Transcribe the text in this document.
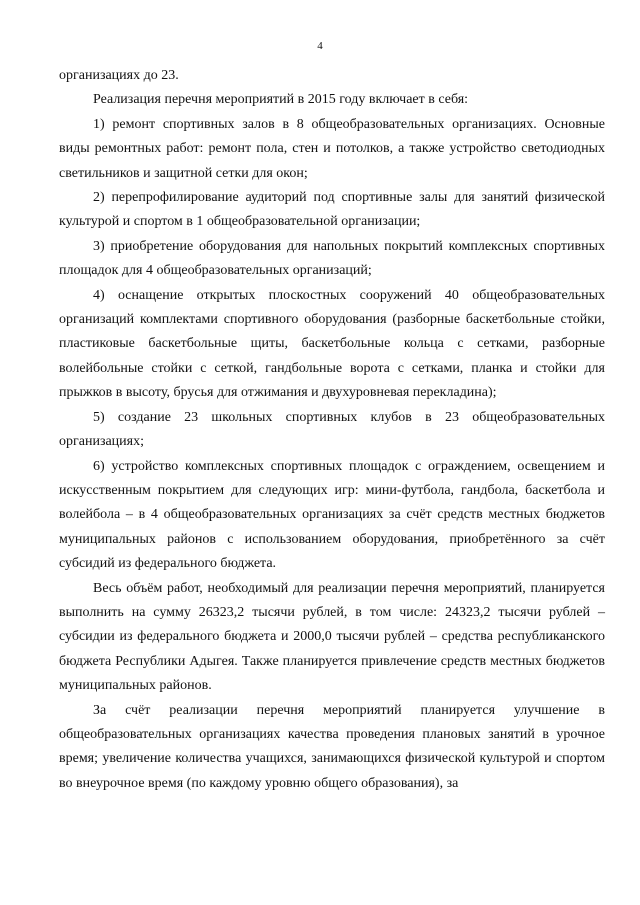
4

организациях до 23.

Реализация перечня мероприятий в 2015 году включает в себя:

1) ремонт спортивных залов в 8 общеобразовательных организациях. Основные виды ремонтных работ: ремонт пола, стен и потолков, а также устройство светодиодных светильников и защитной сетки для окон;

2) перепрофилирование аудиторий под спортивные залы для занятий физической культурой и спортом в 1 общеобразовательной организации;

3) приобретение оборудования для напольных покрытий комплексных спортивных площадок для 4 общеобразовательных организаций;

4) оснащение открытых плоскостных сооружений 40 общеобразовательных организаций комплектами спортивного оборудования (разборные баскетбольные стойки, пластиковые баскетбольные щиты, баскетбольные кольца с сетками, разборные волейбольные стойки с сеткой, гандбольные ворота с сетками, планка и стойки для прыжков в высоту, брусья для отжимания и двухуровневая перекладина);

5) создание 23 школьных спортивных клубов в 23 общеобразовательных организациях;

6) устройство комплексных спортивных площадок с ограждением, освещением и искусственным покрытием для следующих игр: мини-футбола, гандбола, баскетбола и волейбола – в 4 общеобразовательных организациях за счёт средств местных бюджетов муниципальных районов с использованием оборудования, приобретённого за счёт субсидий из федерального бюджета.

Весь объём работ, необходимый для реализации перечня мероприятий, планируется выполнить на сумму 26323,2 тысячи рублей, в том числе: 24323,2 тысячи рублей – субсидии из федерального бюджета и 2000,0 тысячи рублей – средства республиканского бюджета Республики Адыгея. Также планируется привлечение средств местных бюджетов муниципальных районов.

За счёт реализации перечня мероприятий планируется улучшение в общеобразовательных организациях качества проведения плановых занятий в урочное время; увеличение количества учащихся, занимающихся физической культурой и спортом во внеурочное время (по каждому уровню общего образования), за
